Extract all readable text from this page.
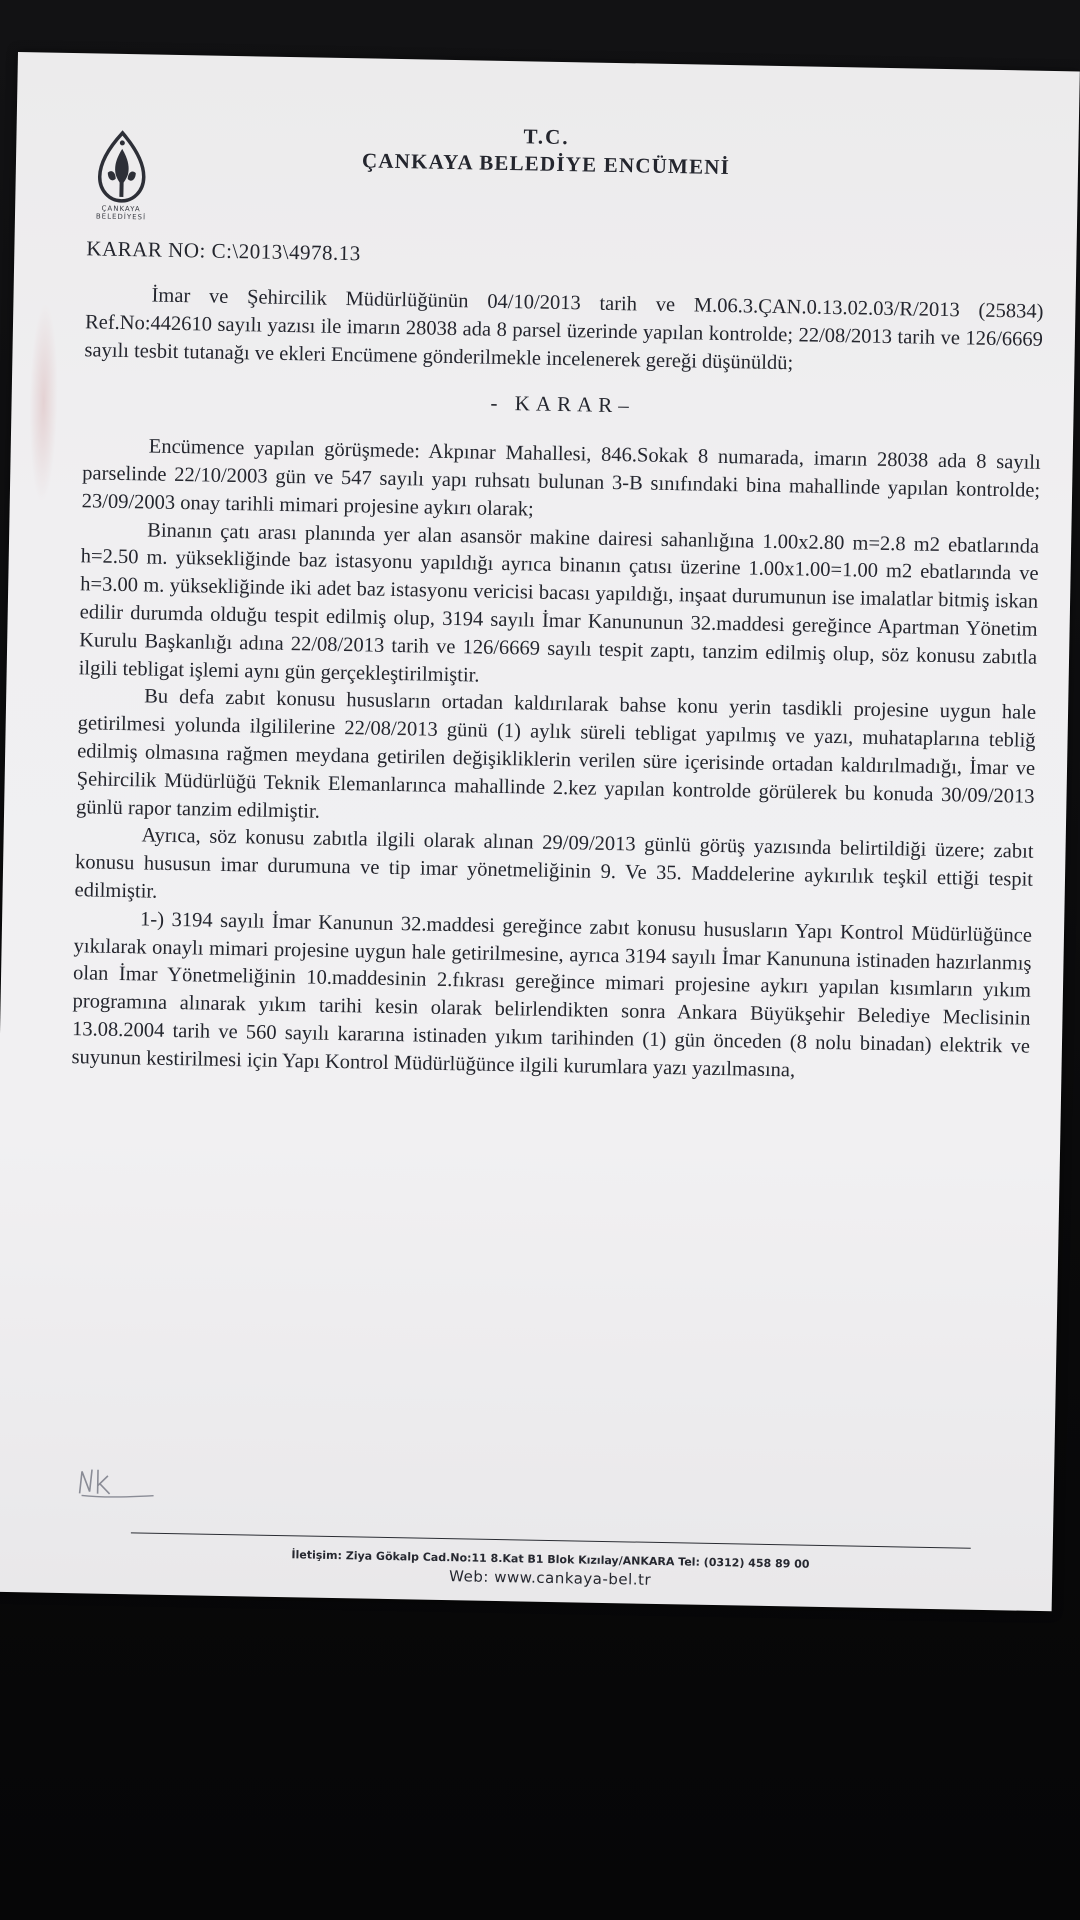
ÇANKAYA
BELEDİYESİ
T.C.
ÇANKAYA BELEDİYE ENCÜMENİ
KARAR NO: C:\2013\4978.13

İmar ve Şehircilik Müdürlüğünün 04/10/2013 tarih ve M.06.3.ÇAN.0.13.02.03/R/2013 (25834) Ref.No:442610 sayılı yazısı ile imarın 28038 ada 8 parsel üzerinde yapılan kontrolde; 22/08/2013 tarih ve 126/6669 sayılı tesbit tutanağı ve ekleri Encümene gönderilmekle incelenerek gereği düşünüldü;

- KARAR–

Encümence yapılan görüşmede: Akpınar Mahallesi, 846.Sokak 8 numarada, imarın 28038 ada 8 sayılı parselinde 22/10/2003 gün ve 547 sayılı yapı ruhsatı bulunan 3-B sınıfındaki bina mahallinde yapılan kontrolde; 23/09/2003 onay tarihli mimari projesine aykırı olarak;

Binanın çatı arası planında yer alan asansör makine dairesi sahanlığına 1.00x2.80 m=2.8 m2 ebatlarında h=2.50 m. yüksekliğinde baz istasyonu yapıldığı ayrıca binanın çatısı üzerine 1.00x1.00=1.00 m2 ebatlarında ve h=3.00 m. yüksekliğinde iki adet baz istasyonu vericisi bacası yapıldığı, inşaat durumunun ise imalatlar bitmiş iskan edilir durumda olduğu tespit edilmiş olup, 3194 sayılı İmar Kanununun 32.maddesi gereğince Apartman Yönetim Kurulu Başkanlığı adına 22/08/2013 tarih ve 126/6669 sayılı tespit zaptı, tanzim edilmiş olup, söz konusu zabıtla ilgili tebligat işlemi aynı gün gerçekleştirilmiştir.

Bu defa zabıt konusu hususların ortadan kaldırılarak bahse konu yerin tasdikli projesine uygun hale getirilmesi yolunda ilgililerine 22/08/2013 günü (1) aylık süreli tebligat yapılmış ve yazı, muhataplarına tebliğ edilmiş olmasına rağmen meydana getirilen değişikliklerin verilen süre içerisinde ortadan kaldırılmadığı, İmar ve Şehircilik Müdürlüğü Teknik Elemanlarınca mahallinde 2.kez yapılan kontrolde görülerek bu konuda 30/09/2013 günlü rapor tanzim edilmiştir.

Ayrıca, söz konusu zabıtla ilgili olarak alınan 29/09/2013 günlü görüş yazısında belirtildiği üzere; zabıt konusu hususun imar durumuna ve tip imar yönetmeliğinin 9. Ve 35. Maddelerine aykırılık teşkil ettiği tespit edilmiştir.

1-) 3194 sayılı İmar Kanunun 32.maddesi gereğince zabıt konusu hususların Yapı Kontrol Müdürlüğünce yıkılarak onaylı mimari projesine uygun hale getirilmesine, ayrıca 3194 sayılı İmar Kanununa istinaden hazırlanmış olan İmar Yönetmeliğinin 10.maddesinin 2.fıkrası gereğince mimari projesine aykırı yapılan kısımların yıkım programına alınarak yıkım tarihi kesin olarak belirlendikten sonra Ankara Büyükşehir Belediye Meclisinin 13.08.2004 tarih ve 560 sayılı kararına istinaden yıkım tarihinden (1) gün önceden (8 nolu binadan) elektrik ve suyunun kestirilmesi için Yapı Kontrol Müdürlüğünce ilgili kurumlara yazı yazılmasına,

İletişim: Ziya Gökalp Cad.No:11 8.Kat B1 Blok Kızılay/ANKARA Tel: (0312) 458 89 00
Web: www.cankaya-bel.tr
